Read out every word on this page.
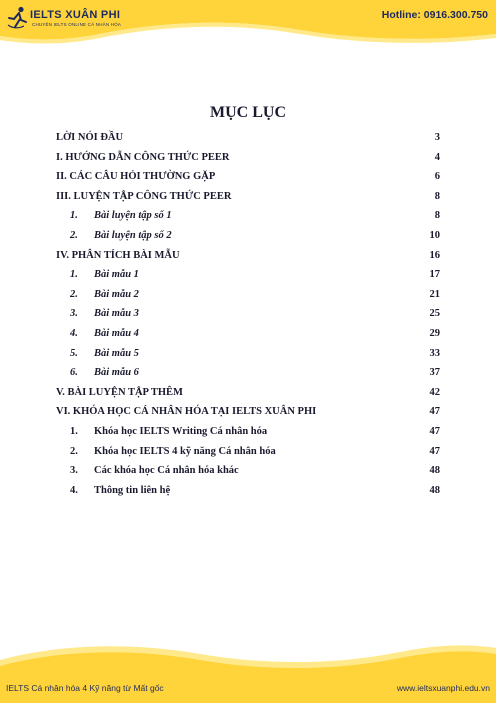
IELTS XUÂN PHI
CHUYÊN IELTS ONLINE CÁ NHÂN HÓA
Hotline: 0916.300.750
MỤC LỤC
LỜI NÓI ĐẦU	3
I. HƯỚNG DẪN CÔNG THỨC PEER	4
II. CÁC CÂU HỎI THƯỜNG GẶP	6
III. LUYỆN TẬP CÔNG THỨC PEER	8
1. Bài luyện tập số 1	8
2. Bài luyện tập số 2	10
IV. PHÂN TÍCH BÀI MẪU	16
1. Bài mẫu 1	17
2. Bài mẫu 2	21
3. Bài mẫu 3	25
4. Bài mẫu 4	29
5. Bài mẫu 5	33
6. Bài mẫu 6	37
V. BÀI LUYỆN TẬP THÊM	42
VI. KHÓA HỌC CÁ NHÂN HÓA TẠI IELTS XUÂN PHI	47
1. Khóa học IELTS Writing Cá nhân hóa	47
2. Khóa học IELTS 4 kỹ năng Cá nhân hóa	47
3. Các khóa học Cá nhân hóa khác	48
4. Thông tin liên hệ	48
IELTS Cá nhân hóa 4 Kỹ năng từ Mất gốc	www.ieltsxuanphi.edu.vn
